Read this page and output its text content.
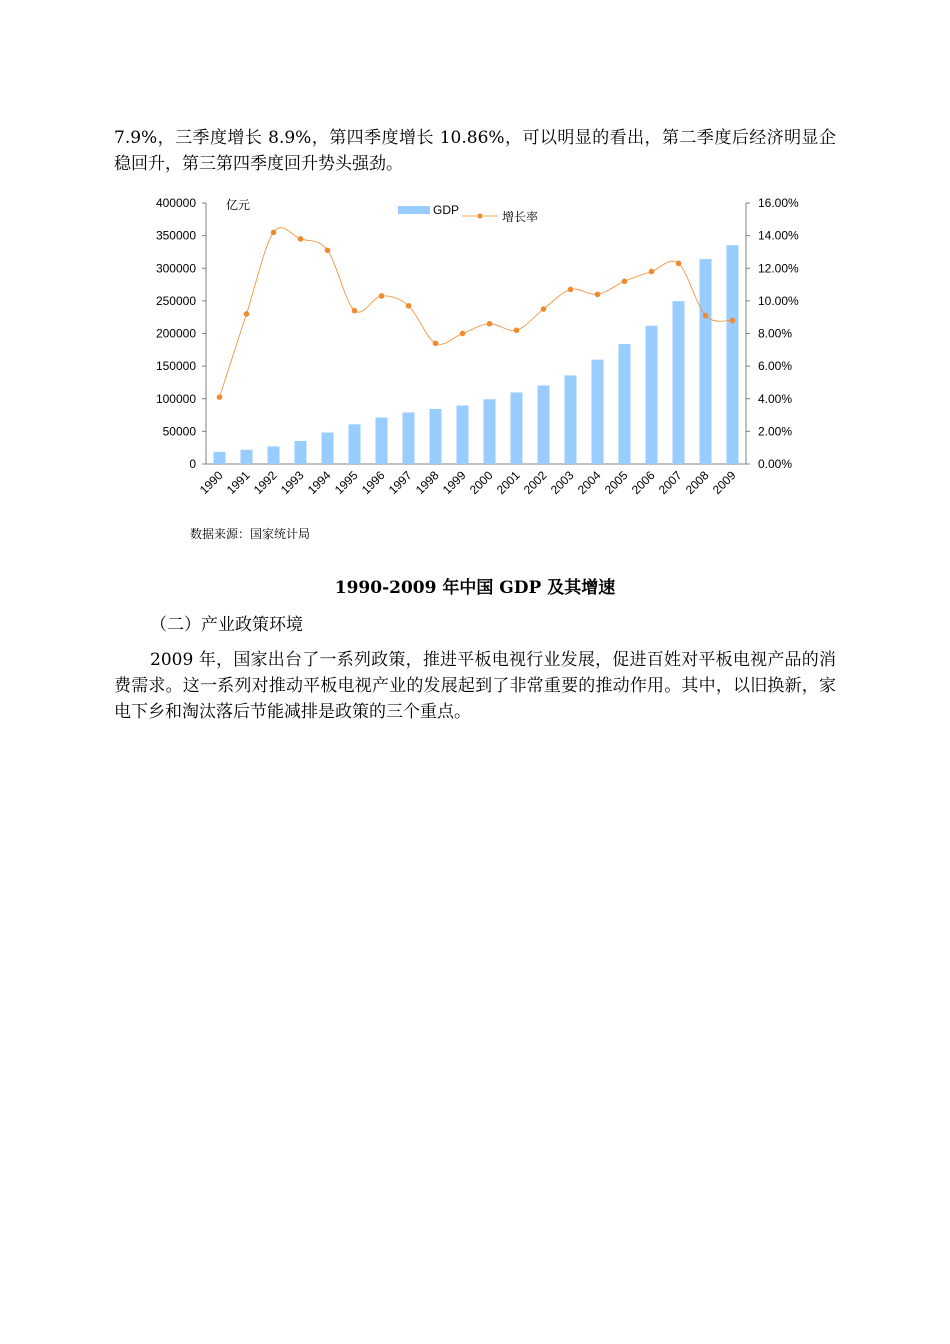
7.9%，三季度增长 8.9%，第四季度增长 10.86%，可以明显的看出，第二季度后经济明显企稳回升，第三第四季度回升势头强劲。

0
50000
100000
150000
200000
250000
300000
350000
400000
0.00%
2.00%
4.00%
6.00%
8.00%
10.00%
12.00%
14.00%
16.00%
亿元
1990
1991
1992
1993
1994
1995
1996
1997
1998
1999
2000
2001
2002
2003
2004
2005
2006
2007
2008
2009
数据来源：国家统计局
GDP	增长率

1990-2009 年中国 GDP 及其增速

（二）产业政策环境

2009 年，国家出台了一系列政策，推进平板电视行业发展，促进百姓对平板电视产品的消费需求。这一系列对推动平板电视产业的发展起到了非常重要的推动作用。其中，以旧换新，家电下乡和淘汰落后节能减排是政策的三个重点。
